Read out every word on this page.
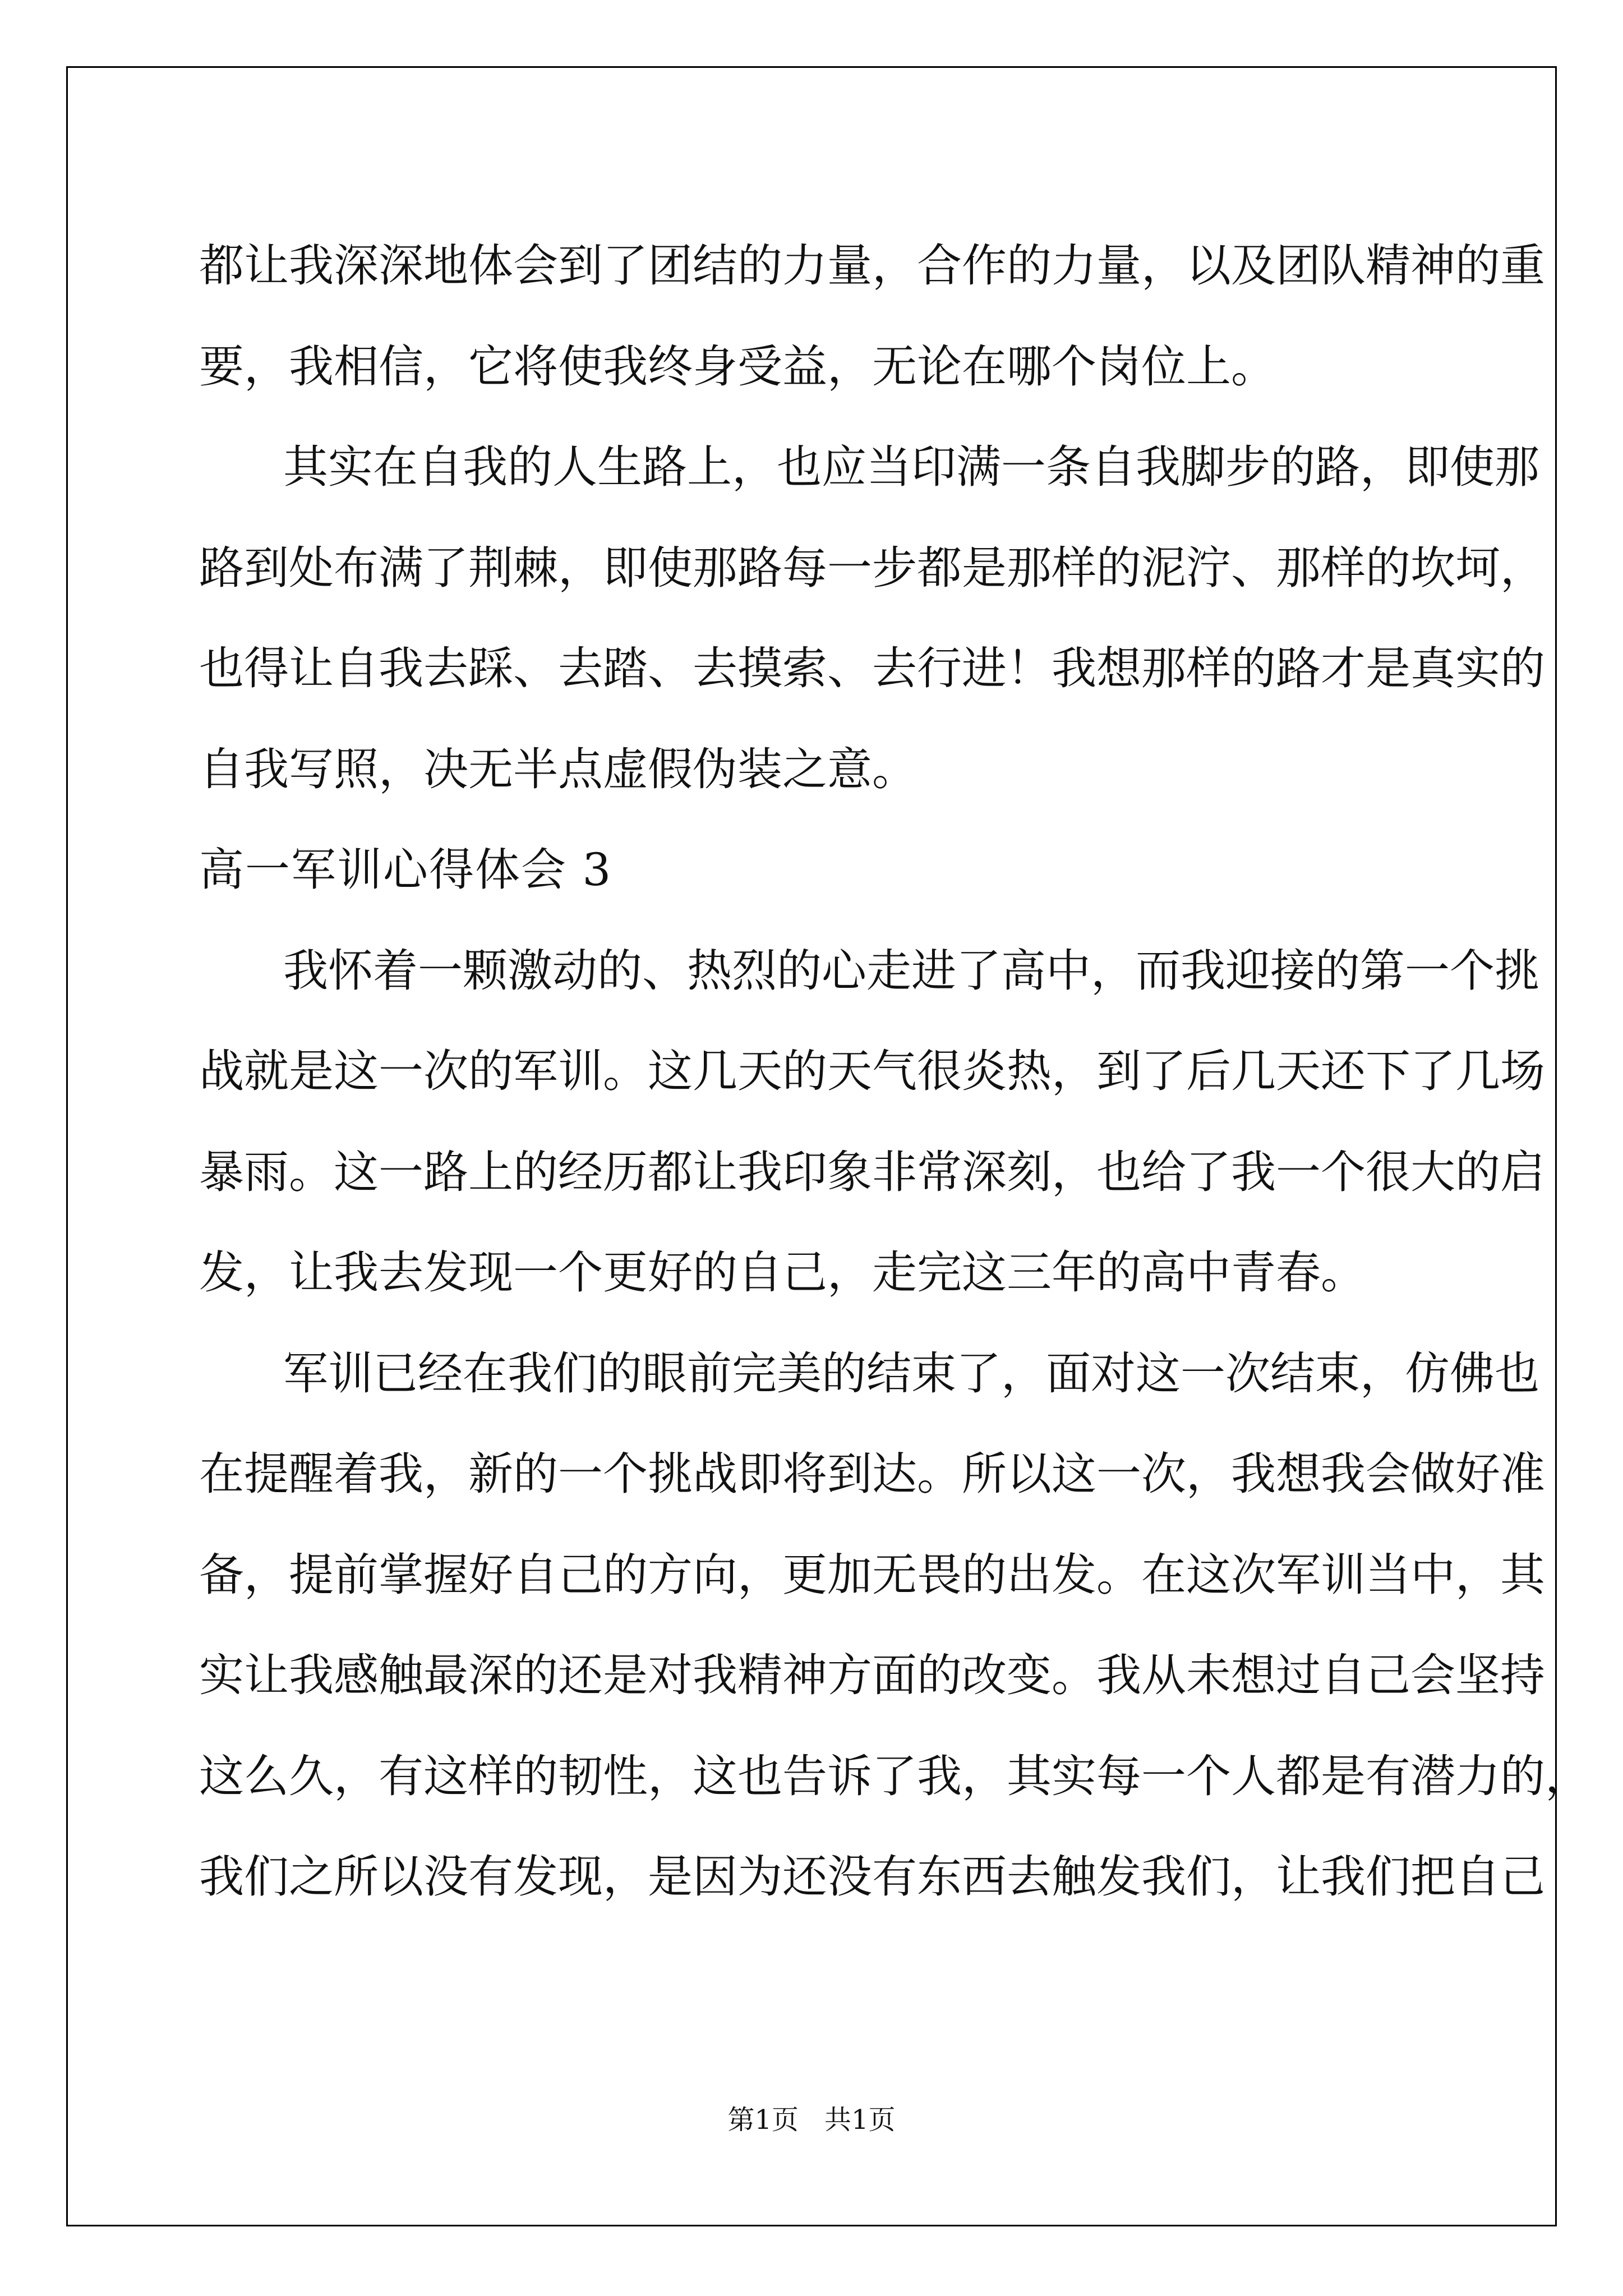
都让我深深地体会到了团结的力量，合作的力量，以及团队精神的重
要，我相信，它将使我终身受益，无论在哪个岗位上。
其实在自我的人生路上，也应当印满一条自我脚步的路，即使那
路到处布满了荆棘，即使那路每一步都是那样的泥泞、那样的坎坷，
也得让自我去踩、去踏、去摸索、去行进！我想那样的路才是真实的
自我写照，决无半点虚假伪装之意。
高一军训心得体会 3
我怀着一颗激动的、热烈的心走进了高中，而我迎接的第一个挑
战就是这一次的军训。这几天的天气很炎热，到了后几天还下了几场
暴雨。这一路上的经历都让我印象非常深刻，也给了我一个很大的启
发，让我去发现一个更好的自己，走完这三年的高中青春。
军训已经在我们的眼前完美的结束了，面对这一次结束，仿佛也
在提醒着我，新的一个挑战即将到达。所以这一次，我想我会做好准
备，提前掌握好自己的方向，更加无畏的出发。在这次军训当中，其
实让我感触最深的还是对我精神方面的改变。我从未想过自己会坚持
这么久，有这样的韧性，这也告诉了我，其实每一个人都是有潜力的，
我们之所以没有发现，是因为还没有东西去触发我们，让我们把自己
第1页 共1页
